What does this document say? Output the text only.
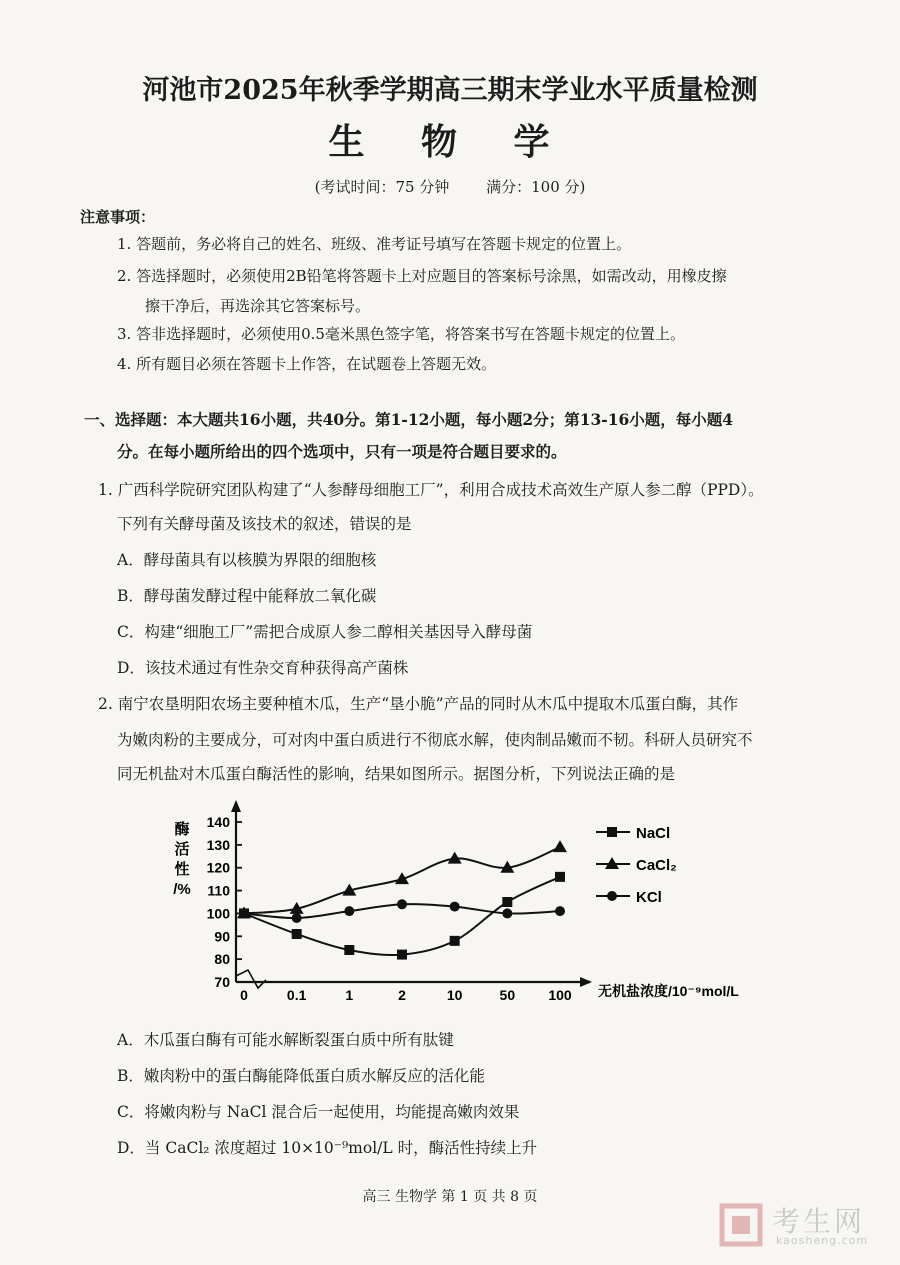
河池市2025年秋季学期高三期末学业水平质量检测
生 物 学
(考试时间：75 分钟 满分：100 分)
注意事项：
1. 答题前，务必将自己的姓名、班级、准考证号填写在答题卡规定的位置上。
2. 答选择题时，必须使用2B铅笔将答题卡上对应题目的答案标号涂黑，如需改动，用橡皮擦
擦干净后，再选涂其它答案标号。
3. 答非选择题时，必须使用0.5毫米黑色签字笔，将答案书写在答题卡规定的位置上。
4. 所有题目必须在答题卡上作答，在试题卷上答题无效。
一、选择题：本大题共16小题，共40分。第1-12小题，每小题2分；第13-16小题，每小题4
分。在每小题所给出的四个选项中，只有一项是符合题目要求的。
1. 广西科学院研究团队构建了“人参酵母细胞工厂”，利用合成技术高效生产原人参二醇（PPD）。
下列有关酵母菌及该技术的叙述，错误的是
A．酵母菌具有以核膜为界限的细胞核
B．酵母菌发酵过程中能释放二氧化碳
C．构建“细胞工厂”需把合成原人参二醇相关基因导入酵母菌
D．该技术通过有性杂交育种获得高产菌株
2. 南宁农垦明阳农场主要种植木瓜，生产“垦小脆”产品的同时从木瓜中提取木瓜蛋白酶，其作
为嫩肉粉的主要成分，可对肉中蛋白质进行不彻底水解，使肉制品嫩而不韧。科研人员研究不
同无机盐对木瓜蛋白酶活性的影响，结果如图所示。据图分析，下列说法正确的是
70
80
90
100
110
120
130
140
酶
活
性
/%
0	0.1	1	2	10	50 100 无机盐浓度/10⁻⁹mol/L
NaCl
CaCl₂
KCl
A．木瓜蛋白酶有可能水解断裂蛋白质中所有肽键
B．嫩肉粉中的蛋白酶能降低蛋白质水解反应的活化能
C．将嫩肉粉与 NaCl 混合后一起使用，均能提高嫩肉效果
D．当 CaCl₂ 浓度超过 10×10⁻⁹mol/L 时，酶活性持续上升
高三 生物学 第 1 页 共 8 页
考生网
kaosheng.com
